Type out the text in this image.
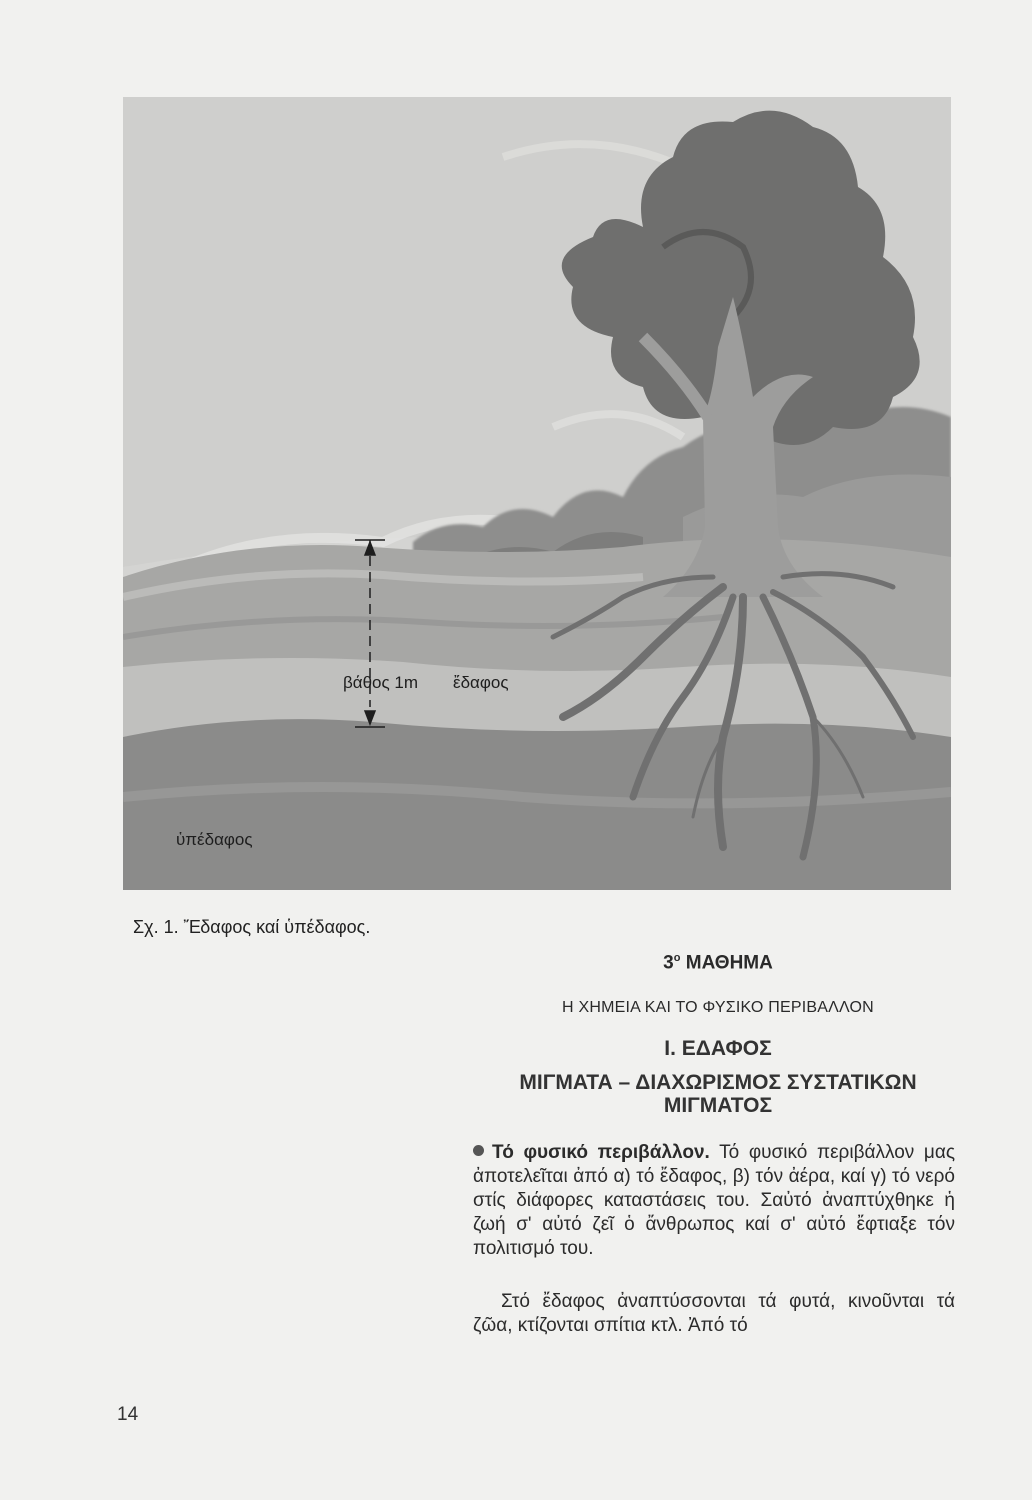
βάθος 1m ἔδαφος
ὑπέδαφος
Σχ. 1. Ἔδαφος καί ὑπέδαφος.
$3^o$ ΜΑΘΗΜΑ
Η ΧΗΜΕΙΑ ΚΑΙ ΤΟ ΦΥΣΙΚΟ ΠΕΡΙΒΑΛΛΟΝ
Ι. ΕΔΑΦΟΣ
ΜΙΓΜΑΤΑ – ΔΙΑΧΩΡΙΣΜΟΣ ΣΥΣΤΑΤΙΚΩΝ ΜΙΓΜΑΤΟΣ
Τό φυσικό περιβάλλον. Τό φυσικό περιβάλλον μας ἀποτελεῖται ἀπό α) τό ἔδαφος, β) τόν ἀέρα, καί γ) τό νερό στίς διάφορες καταστάσεις του. Σαὐτό ἀναπτύχθηκε ἡ ζωή σ' αὐτό ζεῖ ὁ ἄνθρωπος καί σ' αὐτό ἔφτιαξε τόν πολιτισμό του.
Στό ἔδαφος ἀναπτύσσονται τά φυτά, κινοῦνται τά ζῶα, κτίζονται σπίτια κτλ. Ἀπό τό
14
